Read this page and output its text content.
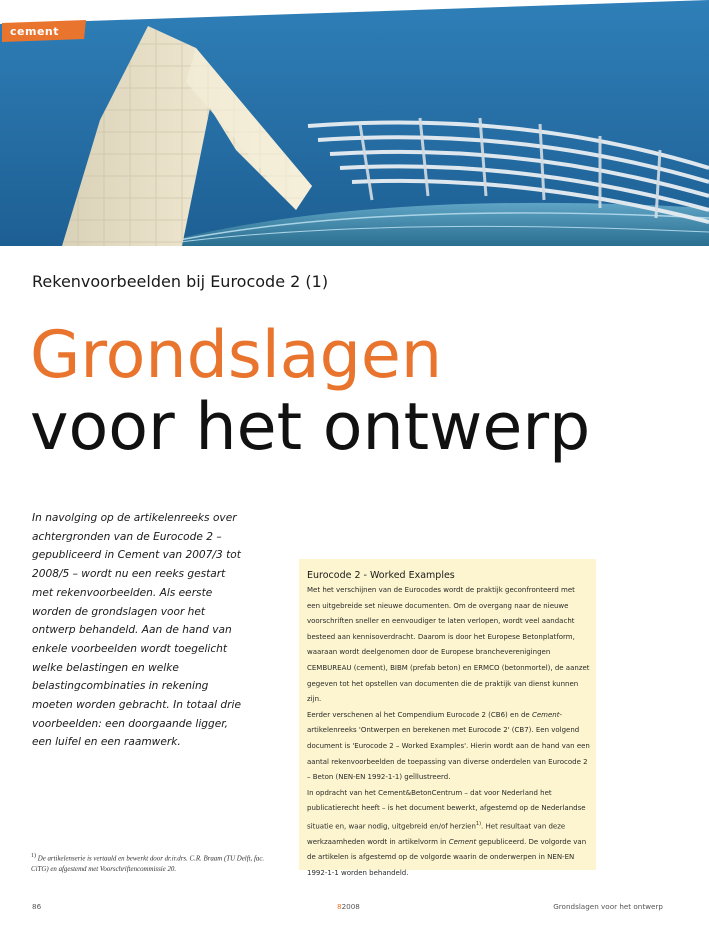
cement
Rekenvoorbeelden bij Eurocode 2 (1)
Grondslagen
voor het ontwerp

In navolging op de artikelenreeks over achtergronden van de Eurocode 2 – gepubliceerd in Cement van 2007/3 tot 2008/5 – wordt nu een reeks gestart met rekenvoorbeelden. Als eerste worden de grondslagen voor het ontwerp behandeld. Aan de hand van enkele voorbeelden wordt toegelicht welke belastingen en welke belastingcombinaties in rekening moeten worden gebracht. In totaal drie voorbeelden: een doorgaande ligger, een luifel en een raamwerk.

$^{1)}$ De artikelenserie is vertaald en bewerkt door dr.ir.drs. C.R. Braam (TU Delft, fac. CiTG) en afgestemd met Voorschriftencommissie 20.

Eurocode 2 - Worked Examples

Met het verschijnen van de Eurocodes wordt de praktijk geconfronteerd met een uitgebreide set nieuwe documenten. Om de overgang naar de nieuwe voorschriften sneller en eenvoudiger te laten verlopen, wordt veel aandacht besteed aan kennisoverdracht. Daarom is door het Europese Betonplatform, waaraan wordt deelgenomen door de Europese brancheverenigingen CEMBUREAU (cement), BIBM (prefab beton) en ERMCO (betonmortel), de aanzet gegeven tot het opstellen van documenten die de praktijk van dienst kunnen zijn.
Eerder verschenen al het Compendium Eurocode 2 (CB6) en de Cement-artikelenreeks 'Ontwerpen en berekenen met Eurocode 2' (CB7). Een volgend document is 'Eurocode 2 – Worked Examples'. Hierin wordt aan de hand van een aantal rekenvoorbeelden de toepassing van diverse onderdelen van Eurocode 2 – Beton (NEN-EN 1992-1-1) geïllustreerd.
In opdracht van het Cement&BetonCentrum – dat voor Nederland het publicatierecht heeft – is het document bewerkt, afgestemd op de Nederlandse situatie en, waar nodig, uitgebreid en/of herzien$^{1)}$. Het resultaat van deze werkzaamheden wordt in artikelvorm in Cement gepubliceerd. De volgorde van de artikelen is afgestemd op de volgorde waarin de onderwerpen in NEN-EN 1992-1-1 worden behandeld.

86	82008	Grondslagen voor het ontwerp
